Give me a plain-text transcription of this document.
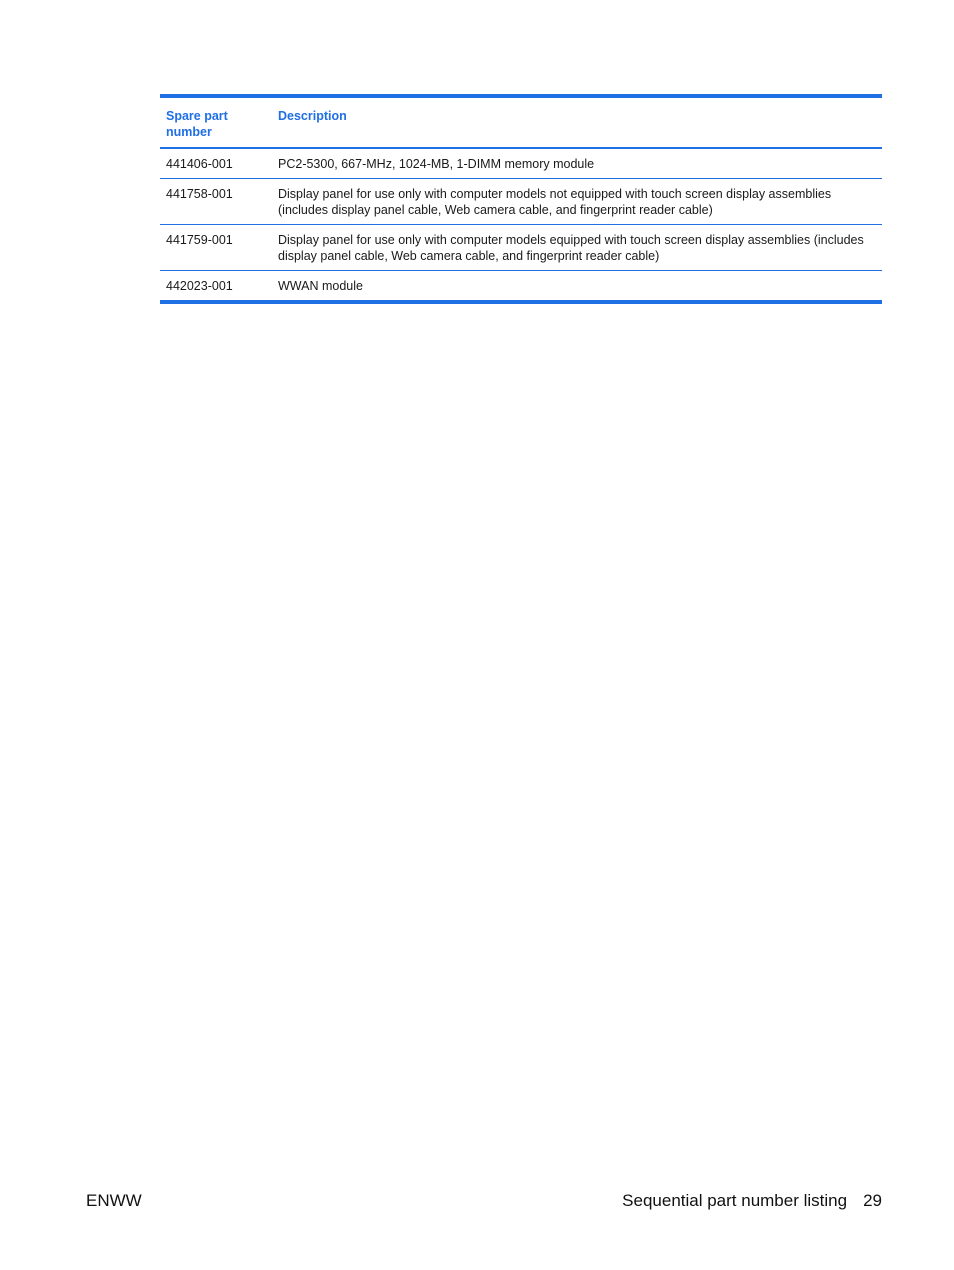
Spare part
number	Description
441406-001	PC2-5300, 667-MHz, 1024-MB, 1-DIMM memory module
441758-001	Display panel for use only with computer models not equipped with touch screen display assemblies (includes display panel cable, Web camera cable, and fingerprint reader cable)
441759-001	Display panel for use only with computer models equipped with touch screen display assemblies (includes display panel cable, Web camera cable, and fingerprint reader cable)
442023-001	WWAN module
ENWW	Sequential part number listing 29
